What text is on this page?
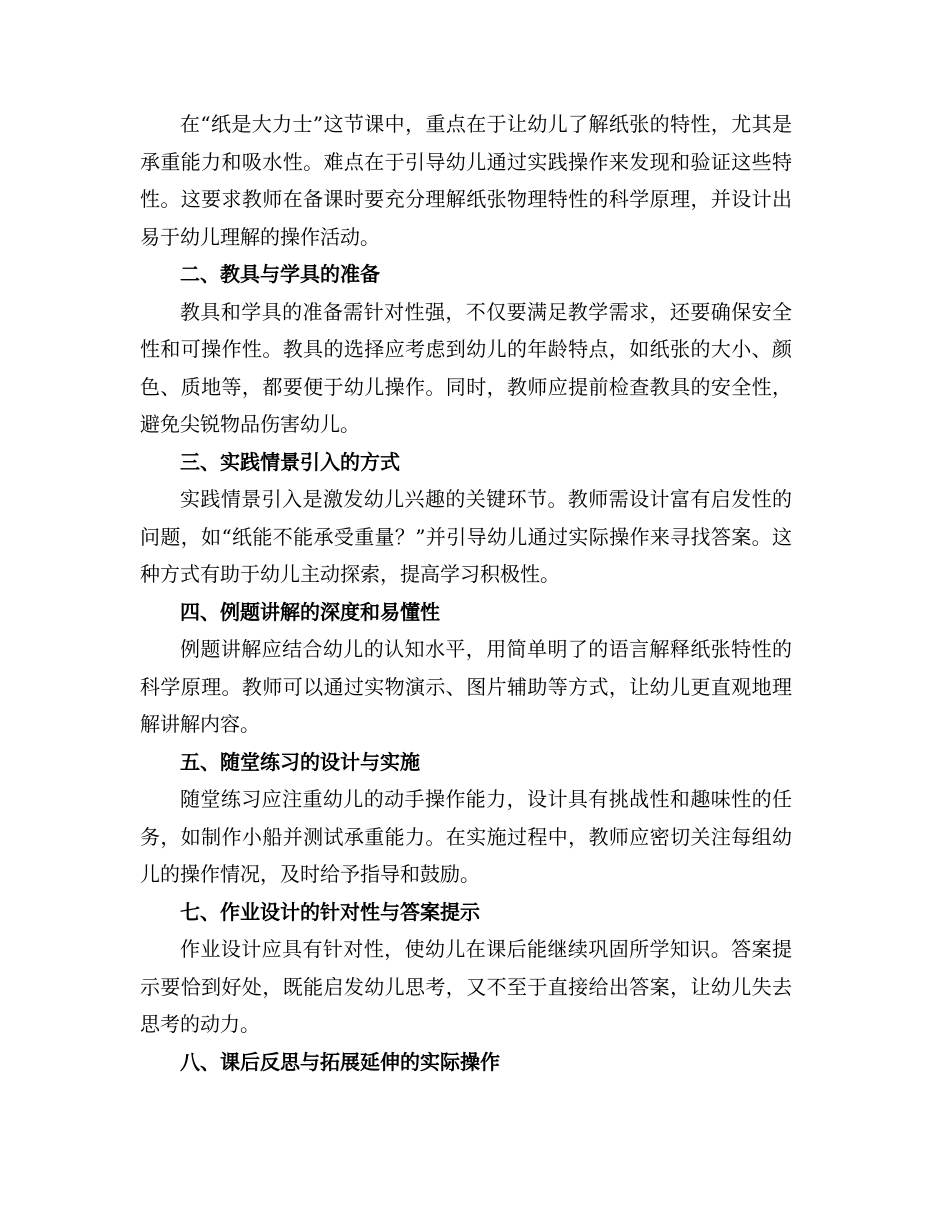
在“纸是大力士”这节课中，重点在于让幼儿了解纸张的特性，尤其是承重能力和吸水性。难点在于引导幼儿通过实践操作来发现和验证这些特性。这要求教师在备课时要充分理解纸张物理特性的科学原理，并设计出易于幼儿理解的操作活动。

二、教具与学具的准备

教具和学具的准备需针对性强，不仅要满足教学需求，还要确保安全性和可操作性。教具的选择应考虑到幼儿的年龄特点，如纸张的大小、颜色、质地等，都要便于幼儿操作。同时，教师应提前检查教具的安全性，避免尖锐物品伤害幼儿。

三、实践情景引入的方式

实践情景引入是激发幼儿兴趣的关键环节。教师需设计富有启发性的问题，如“纸能不能承受重量？”并引导幼儿通过实际操作来寻找答案。这种方式有助于幼儿主动探索，提高学习积极性。

四、例题讲解的深度和易懂性

例题讲解应结合幼儿的认知水平，用简单明了的语言解释纸张特性的科学原理。教师可以通过实物演示、图片辅助等方式，让幼儿更直观地理解讲解内容。

五、随堂练习的设计与实施

随堂练习应注重幼儿的动手操作能力，设计具有挑战性和趣味性的任务，如制作小船并测试承重能力。在实施过程中，教师应密切关注每组幼儿的操作情况，及时给予指导和鼓励。

七、作业设计的针对性与答案提示

作业设计应具有针对性，使幼儿在课后能继续巩固所学知识。答案提示要恰到好处，既能启发幼儿思考，又不至于直接给出答案，让幼儿失去思考的动力。

八、课后反思与拓展延伸的实际操作
